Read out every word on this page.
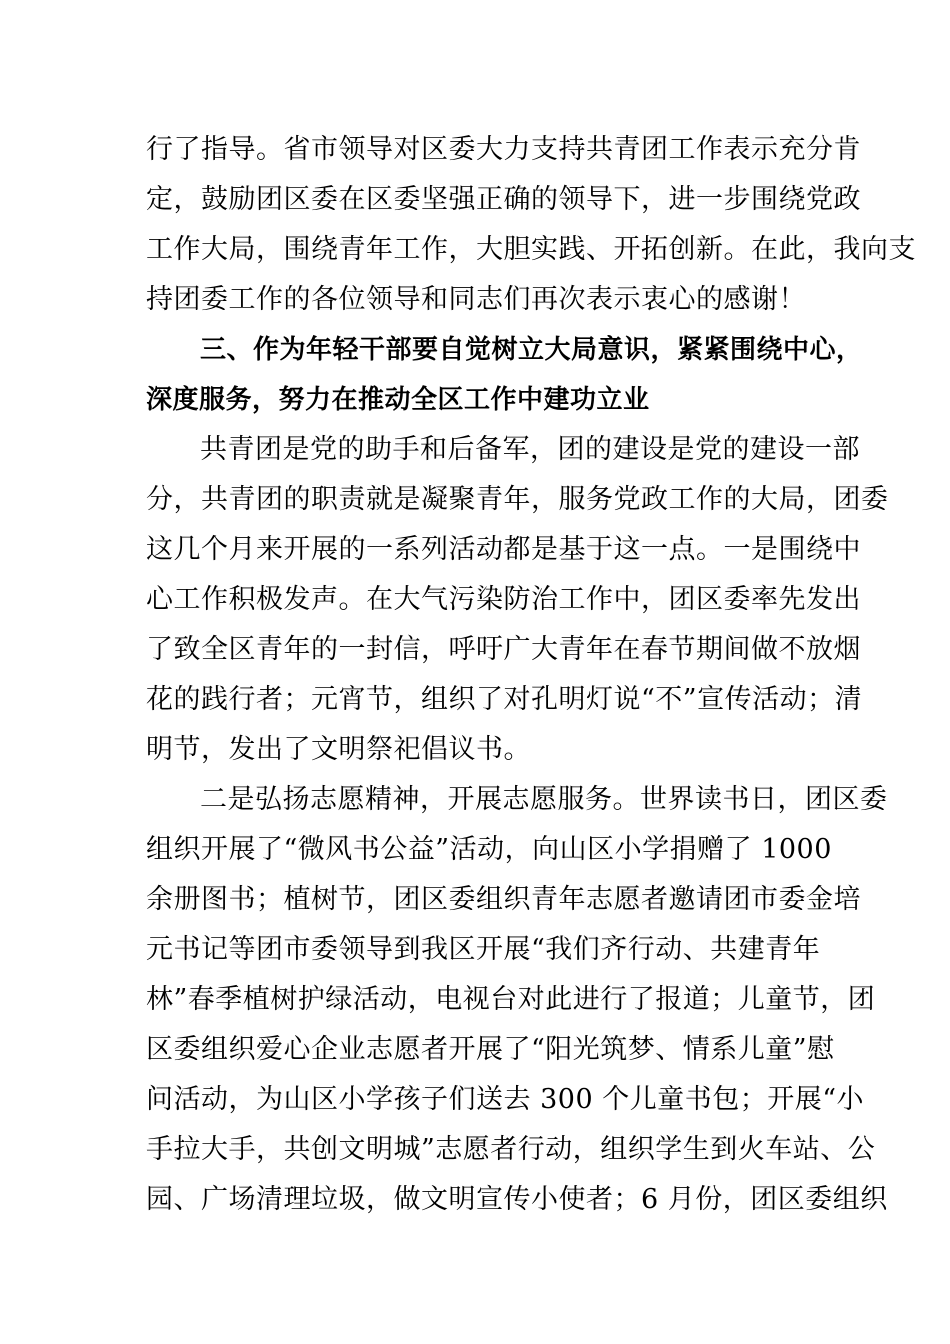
行了指导。省市领导对区委大力支持共青团工作表示充分肯
定，鼓励团区委在区委坚强正确的领导下，进一步围绕党政
工作大局，围绕青年工作，大胆实践、开拓创新。在此，我向支
持团委工作的各位领导和同志们再次表示衷心的感谢！
三、作为年轻干部要自觉树立大局意识，紧紧围绕中心，
深度服务，努力在推动全区工作中建功立业
共青团是党的助手和后备军，团的建设是党的建设一部
分，共青团的职责就是凝聚青年，服务党政工作的大局，团委
这几个月来开展的一系列活动都是基于这一点。一是围绕中
心工作积极发声。在大气污染防治工作中，团区委率先发出
了致全区青年的一封信，呼吁广大青年在春节期间做不放烟
花的践行者；元宵节，组织了对孔明灯说“不”宣传活动；清
明节，发出了文明祭祀倡议书。
二是弘扬志愿精神，开展志愿服务。世界读书日，团区委
组织开展了“微风书公益”活动，向山区小学捐赠了 1000
余册图书；植树节，团区委组织青年志愿者邀请团市委金培
元书记等团市委领导到我区开展“我们齐行动、共建青年
林”春季植树护绿活动，电视台对此进行了报道；儿童节，团
区委组织爱心企业志愿者开展了“阳光筑梦、情系儿童”慰
问活动，为山区小学孩子们送去 300 个儿童书包；开展“小
手拉大手，共创文明城”志愿者行动，组织学生到火车站、公
园、广场清理垃圾，做文明宣传小使者；6 月份，团区委组织
